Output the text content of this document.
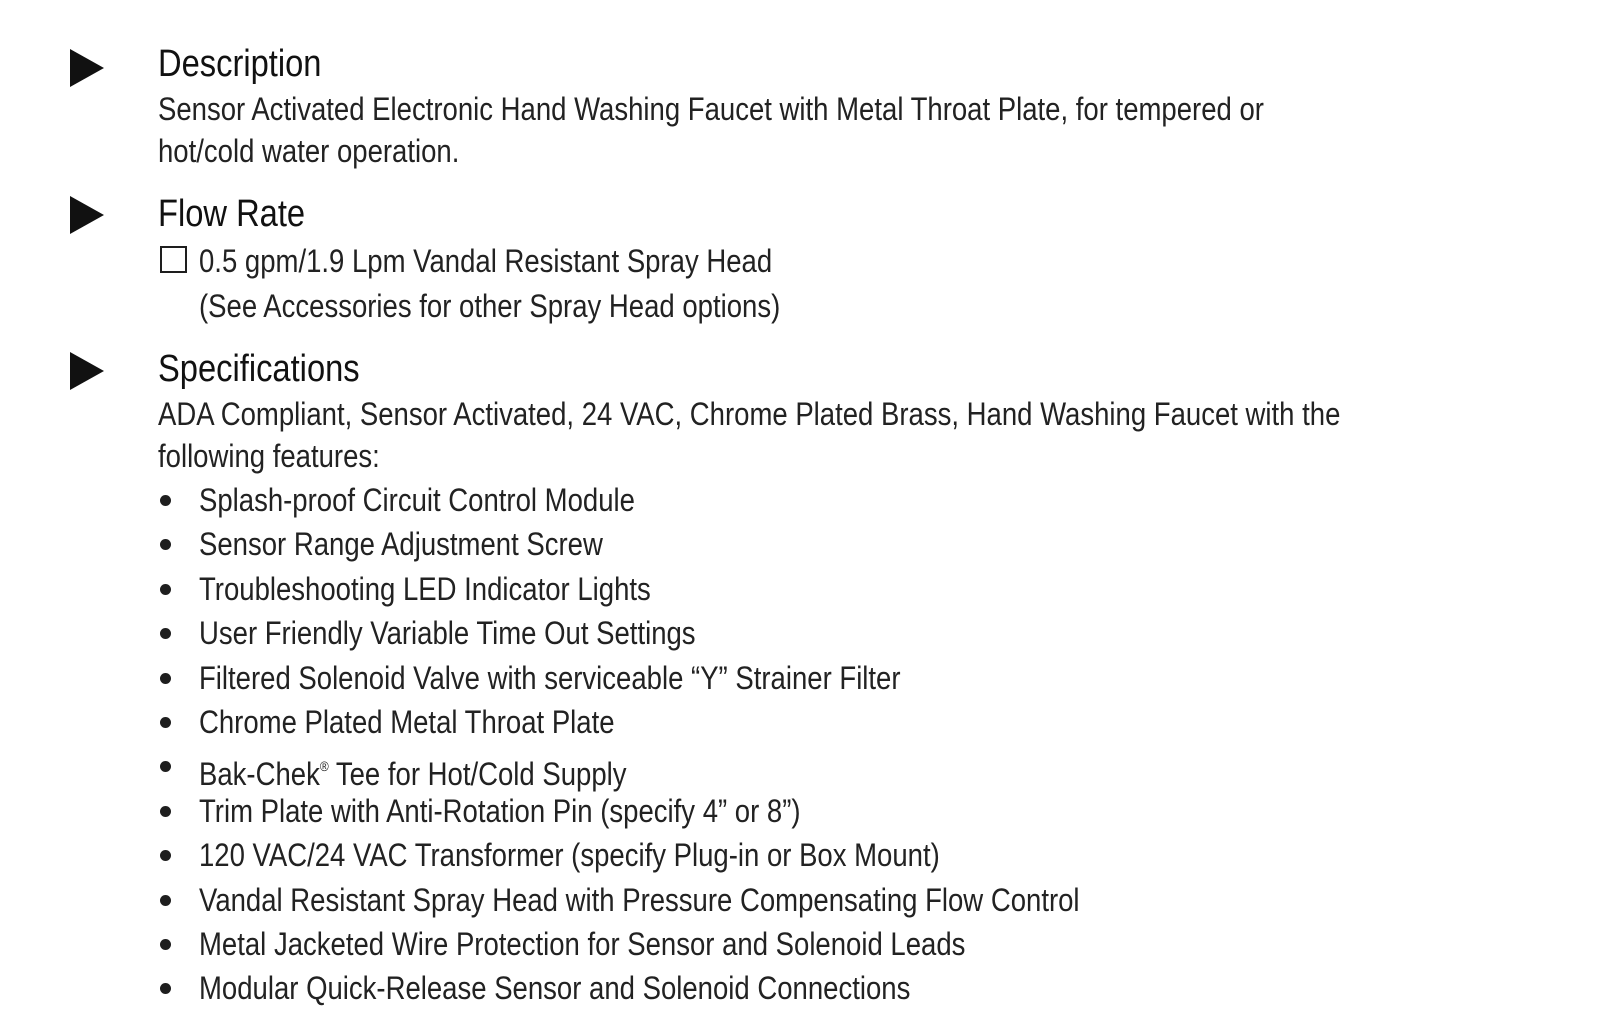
Description

Sensor Activated Electronic Hand Washing Faucet with Metal Throat Plate, for tempered or

hot/cold water operation.

Flow Rate

0.5 gpm/1.9 Lpm Vandal Resistant Spray Head

(See Accessories for other Spray Head options)

Specifications

ADA Compliant, Sensor Activated, 24 VAC, Chrome Plated Brass, Hand Washing Faucet with the

following features:

Splash-proof Circuit Control Module
Sensor Range Adjustment Screw
Troubleshooting LED Indicator Lights
User Friendly Variable Time Out Settings
Filtered Solenoid Valve with serviceable “Y” Strainer Filter
Chrome Plated Metal Throat Plate
Bak-Chek® Tee for Hot/Cold Supply
Trim Plate with Anti-Rotation Pin (specify 4” or 8”)
120 VAC/24 VAC Transformer (specify Plug-in or Box Mount)
Vandal Resistant Spray Head with Pressure Compensating Flow Control
Metal Jacketed Wire Protection for Sensor and Solenoid Leads
Modular Quick-Release Sensor and Solenoid Connections
